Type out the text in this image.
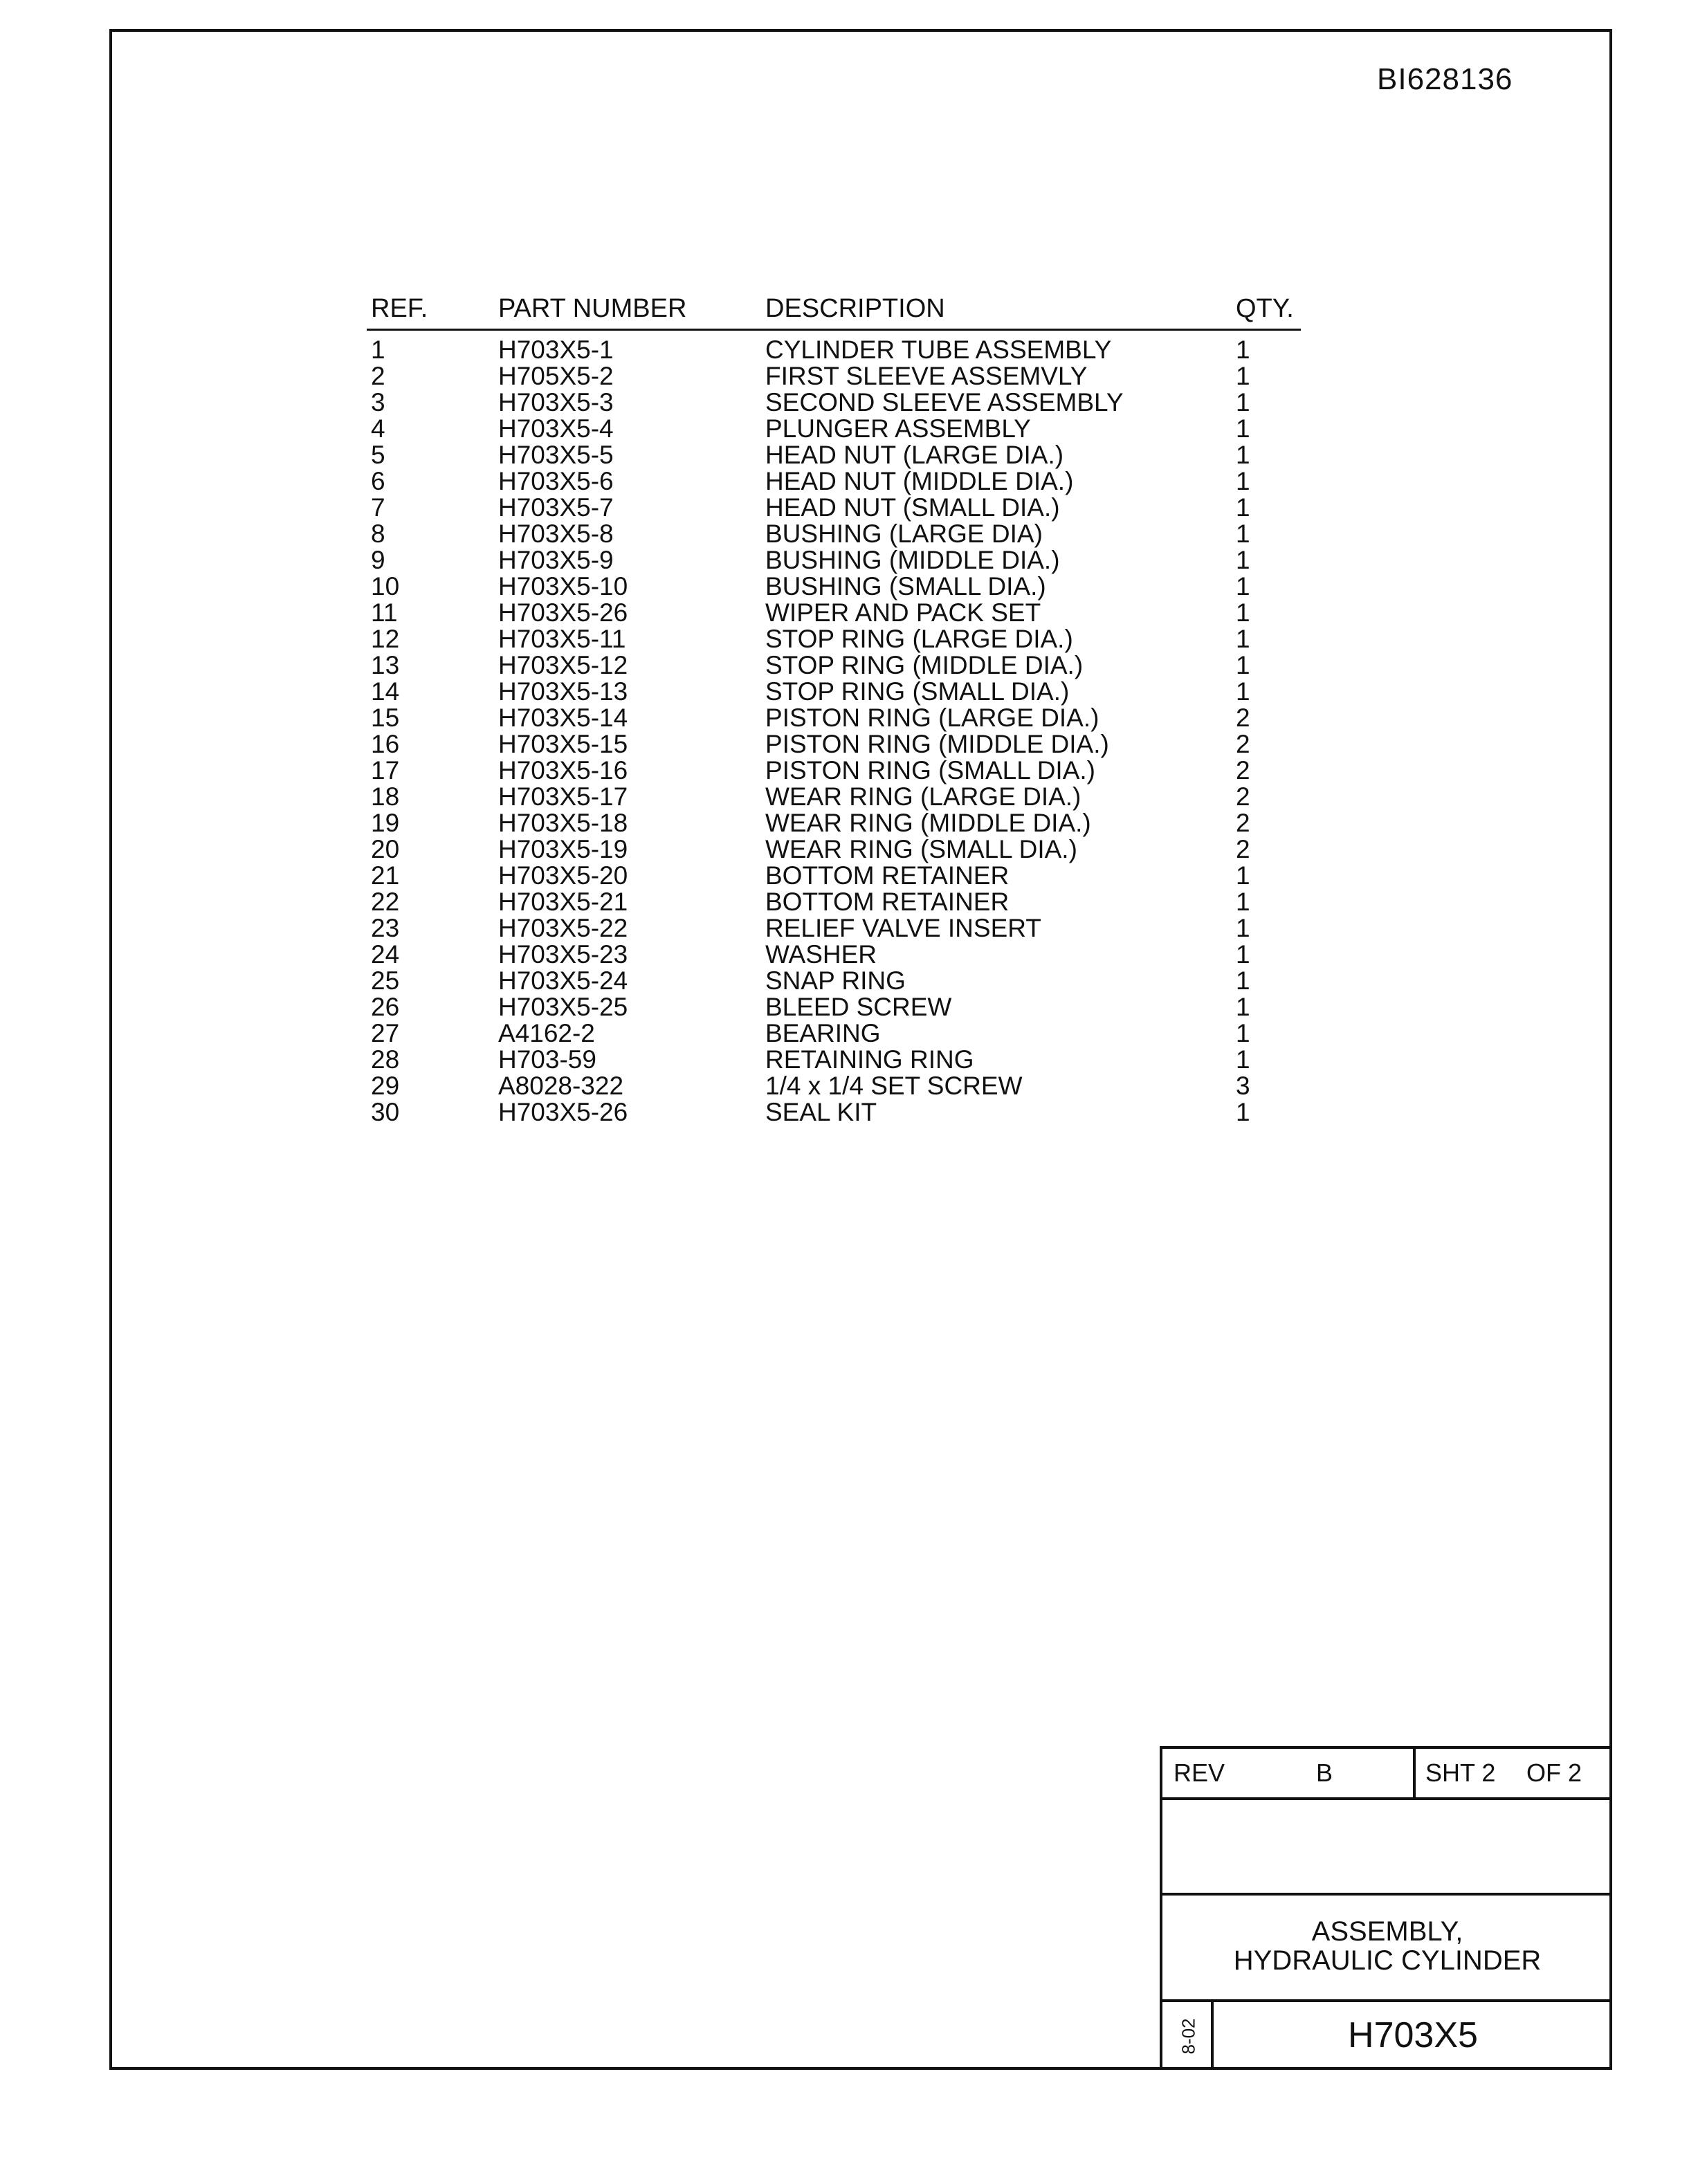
BI628136
REF.	PART NUMBER	DESCRIPTION	QTY.
1	H703X5-1	CYLINDER TUBE ASSEMBLY	1
2	H705X5-2	FIRST SLEEVE ASSEMVLY	1
3	H703X5-3	SECOND SLEEVE ASSEMBLY	1
4	H703X5-4	PLUNGER ASSEMBLY	1
5	H703X5-5	HEAD NUT (LARGE DIA.)	1
6	H703X5-6	HEAD NUT (MIDDLE DIA.)	1
7	H703X5-7	HEAD NUT (SMALL DIA.)	1
8	H703X5-8	BUSHING (LARGE DIA)	1
9	H703X5-9	BUSHING (MIDDLE DIA.)	1
10	H703X5-10	BUSHING (SMALL DIA.)	1
11	H703X5-26	WIPER AND PACK SET	1
12	H703X5-11	STOP RING (LARGE DIA.)	1
13	H703X5-12	STOP RING (MIDDLE DIA.)	1
14	H703X5-13	STOP RING (SMALL DIA.)	1
15	H703X5-14	PISTON RING (LARGE DIA.)	2
16	H703X5-15	PISTON RING (MIDDLE DIA.)	2
17	H703X5-16	PISTON RING (SMALL DIA.)	2
18	H703X5-17	WEAR RING (LARGE DIA.)	2
19	H703X5-18	WEAR RING (MIDDLE DIA.)	2
20	H703X5-19	WEAR RING (SMALL DIA.)	2
21	H703X5-20	BOTTOM RETAINER	1
22	H703X5-21	BOTTOM RETAINER	1
23	H703X5-22	RELIEF VALVE INSERT	1
24	H703X5-23	WASHER	1
25	H703X5-24	SNAP RING	1
26	H703X5-25	BLEED SCREW	1
27	A4162-2	BEARING	1
28	H703-59	RETAINING RING	1
29	A8028-322	1/4 x 1/4 SET SCREW	3
30	H703X5-26	SEAL KIT	1
REV	B	SHT 2 OF 2
ASSEMBLY,
HYDRAULIC CYLINDER
8-02	H703X5
